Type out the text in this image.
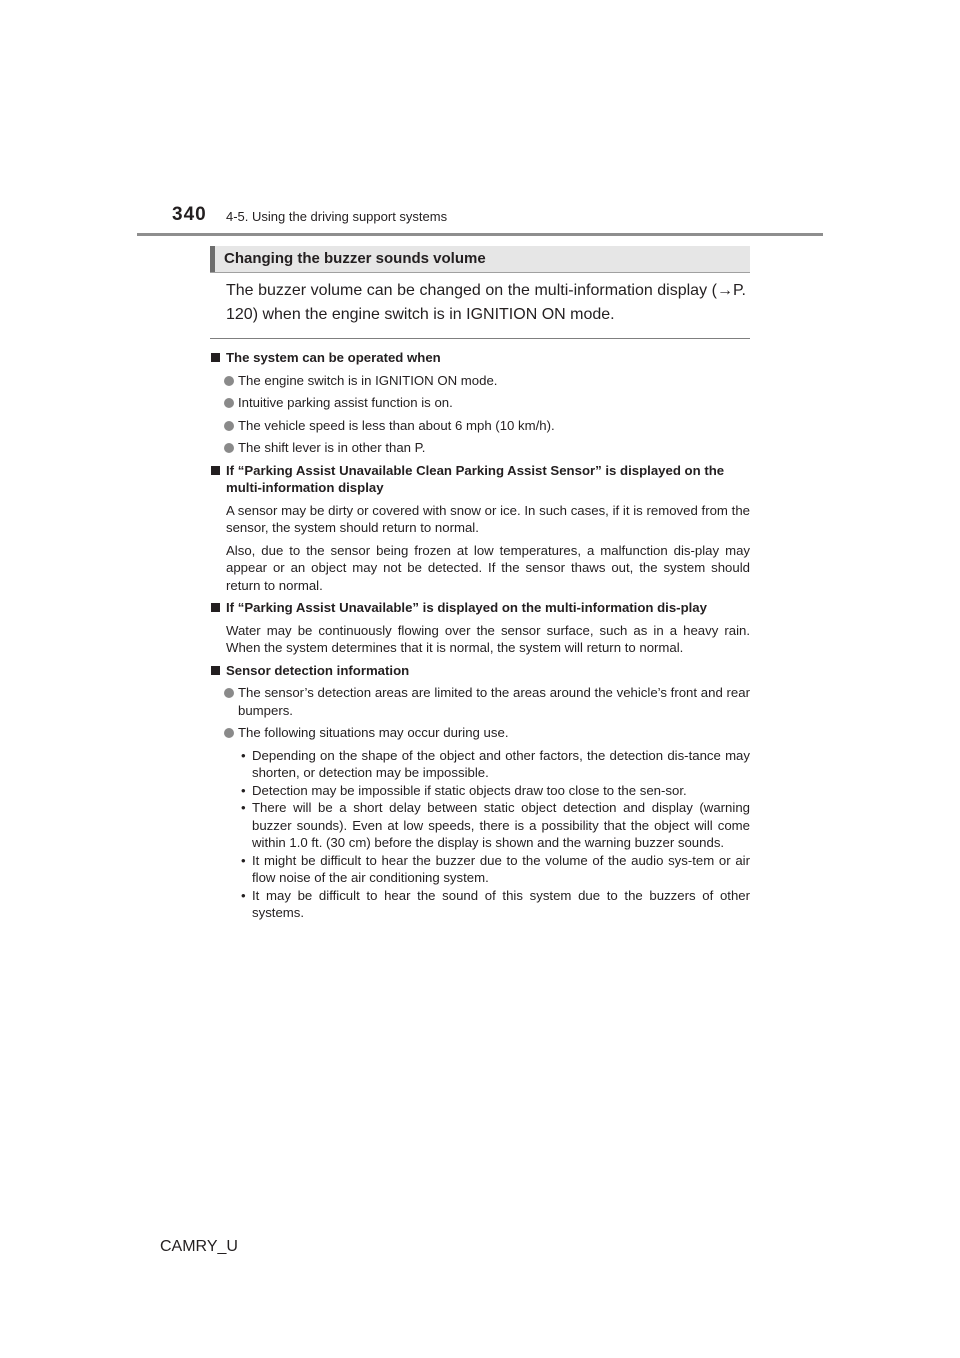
340 4-5. Using the driving support systems
Changing the buzzer sounds volume
The buzzer volume can be changed on the multi-information display (→P. 120) when the engine switch is in IGNITION ON mode.
The system can be operated when
The engine switch is in IGNITION ON mode.
Intuitive parking assist function is on.
The vehicle speed is less than about 6 mph (10 km/h).
The shift lever is in other than P.
If “Parking Assist Unavailable Clean Parking Assist Sensor” is displayed on the multi-information display
A sensor may be dirty or covered with snow or ice. In such cases, if it is removed from the sensor, the system should return to normal.
Also, due to the sensor being frozen at low temperatures, a malfunction dis-play may appear or an object may not be detected. If the sensor thaws out, the system should return to normal.
If “Parking Assist Unavailable” is displayed on the multi-information dis-play
Water may be continuously flowing over the sensor surface, such as in a heavy rain. When the system determines that it is normal, the system will return to normal.
Sensor detection information
The sensor’s detection areas are limited to the areas around the vehicle’s front and rear bumpers.
The following situations may occur during use.
• Depending on the shape of the object and other factors, the detection dis-tance may shorten, or detection may be impossible.
• Detection may be impossible if static objects draw too close to the sen-sor.
• There will be a short delay between static object detection and display (warning buzzer sounds). Even at low speeds, there is a possibility that the object will come within 1.0 ft. (30 cm) before the display is shown and the warning buzzer sounds.
• It might be difficult to hear the buzzer due to the volume of the audio sys-tem or air flow noise of the air conditioning system.
• It may be difficult to hear the sound of this system due to the buzzers of other systems.
CAMRY_U
